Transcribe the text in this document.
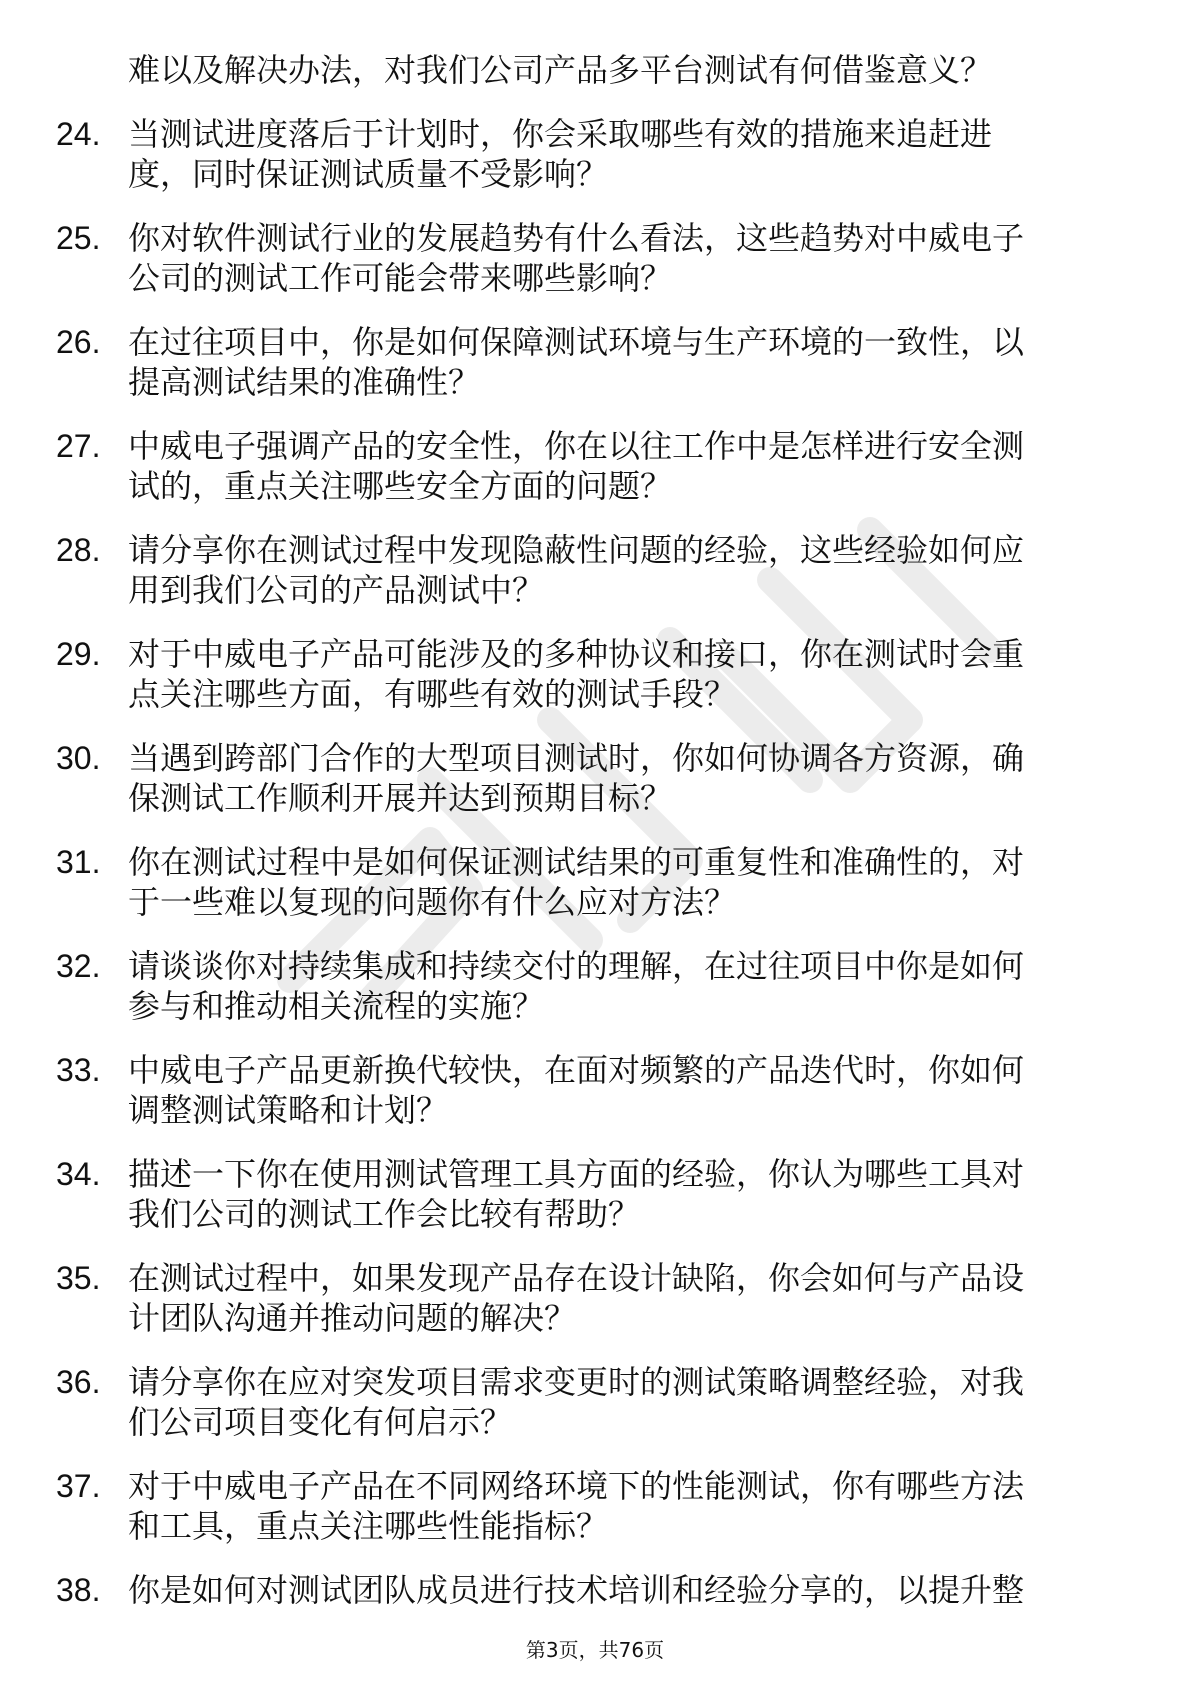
难以及解决办法，对我们公司产品多平台测试有何借鉴意义？
24. 当测试进度落后于计划时，你会采取哪些有效的措施来追赶进
度，同时保证测试质量不受影响？
25. 你对软件测试行业的发展趋势有什么看法，这些趋势对中威电子
公司的测试工作可能会带来哪些影响？
26. 在过往项目中，你是如何保障测试环境与生产环境的一致性，以
提高测试结果的准确性？
27. 中威电子强调产品的安全性，你在以往工作中是怎样进行安全测
试的，重点关注哪些安全方面的问题？
28. 请分享你在测试过程中发现隐蔽性问题的经验，这些经验如何应
用到我们公司的产品测试中？
29. 对于中威电子产品可能涉及的多种协议和接口，你在测试时会重
点关注哪些方面，有哪些有效的测试手段？
30. 当遇到跨部门合作的大型项目测试时，你如何协调各方资源，确
保测试工作顺利开展并达到预期目标？
31. 你在测试过程中是如何保证测试结果的可重复性和准确性的，对
于一些难以复现的问题你有什么应对方法？
32. 请谈谈你对持续集成和持续交付的理解，在过往项目中你是如何
参与和推动相关流程的实施？
33. 中威电子产品更新换代较快，在面对频繁的产品迭代时，你如何
调整测试策略和计划？
34. 描述一下你在使用测试管理工具方面的经验，你认为哪些工具对
我们公司的测试工作会比较有帮助？
35. 在测试过程中，如果发现产品存在设计缺陷，你会如何与产品设
计团队沟通并推动问题的解决？
36. 请分享你在应对突发项目需求变更时的测试策略调整经验，对我
们公司项目变化有何启示？
37. 对于中威电子产品在不同网络环境下的性能测试，你有哪些方法
和工具，重点关注哪些性能指标？
38. 你是如何对测试团队成员进行技术培训和经验分享的，以提升整
第3页，共76页
